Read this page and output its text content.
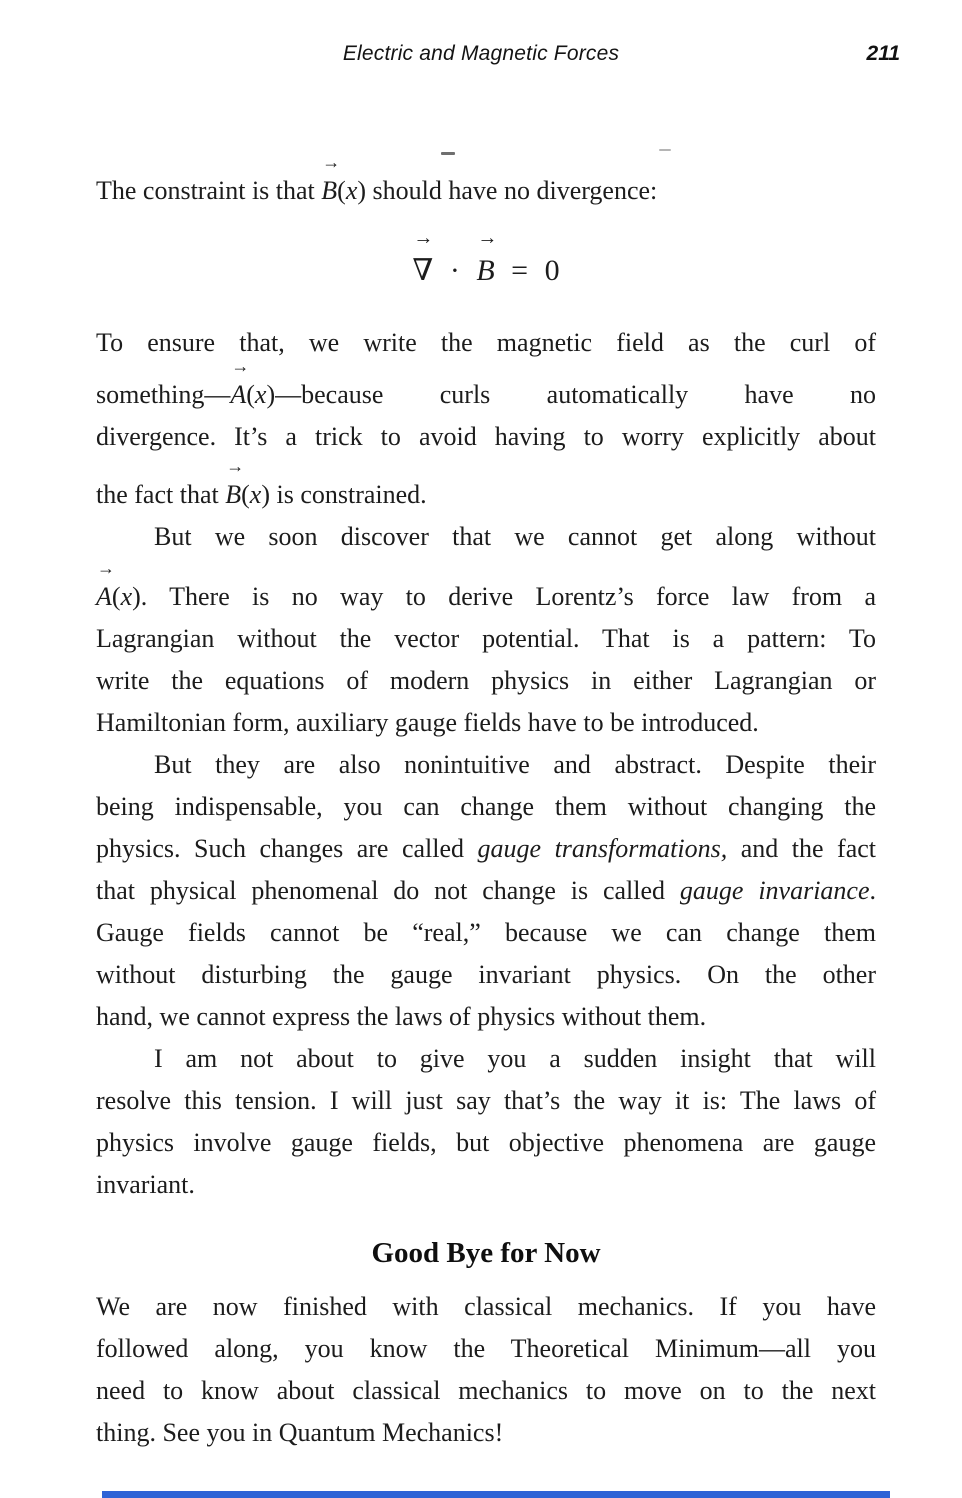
Electric and Magnetic Forces	211
The constraint is that
→
B(x) should have no divergence:
→
∇ ·
→
B = 0
To ensure that, we write the magnetic field as the curl of
something—
→
A(x)—because curls automatically have no
divergence. It’s a trick to avoid having to worry explicitly about
the fact that
→
B(x) is constrained.
But we soon discover that we cannot get along without
→
A(x). There is no way to derive Lorentz’s force law from a
Lagrangian without the vector potential. That is a pattern: To
write the equations of modern physics in either Lagrangian or
Hamiltonian form, auxiliary gauge fields have to be introduced.
But they are also nonintuitive and abstract. Despite their
being indispensable, you can change them without changing the
physics. Such changes are called gauge transformations, and the fact
that physical phenomenal do not change is called gauge invariance.
Gauge fields cannot be “real,” because we can change them
without disturbing the gauge invariant physics. On the other
hand, we cannot express the laws of physics without them.
I am not about to give you a sudden insight that will
resolve this tension. I will just say that’s the way it is: The laws of
physics involve gauge fields, but objective phenomena are gauge
invariant.
Good Bye for Now
We are now finished with classical mechanics. If you have
followed along, you know the Theoretical Minimum—all you
need to know about classical mechanics to move on to the next
thing. See you in Quantum Mechanics!
